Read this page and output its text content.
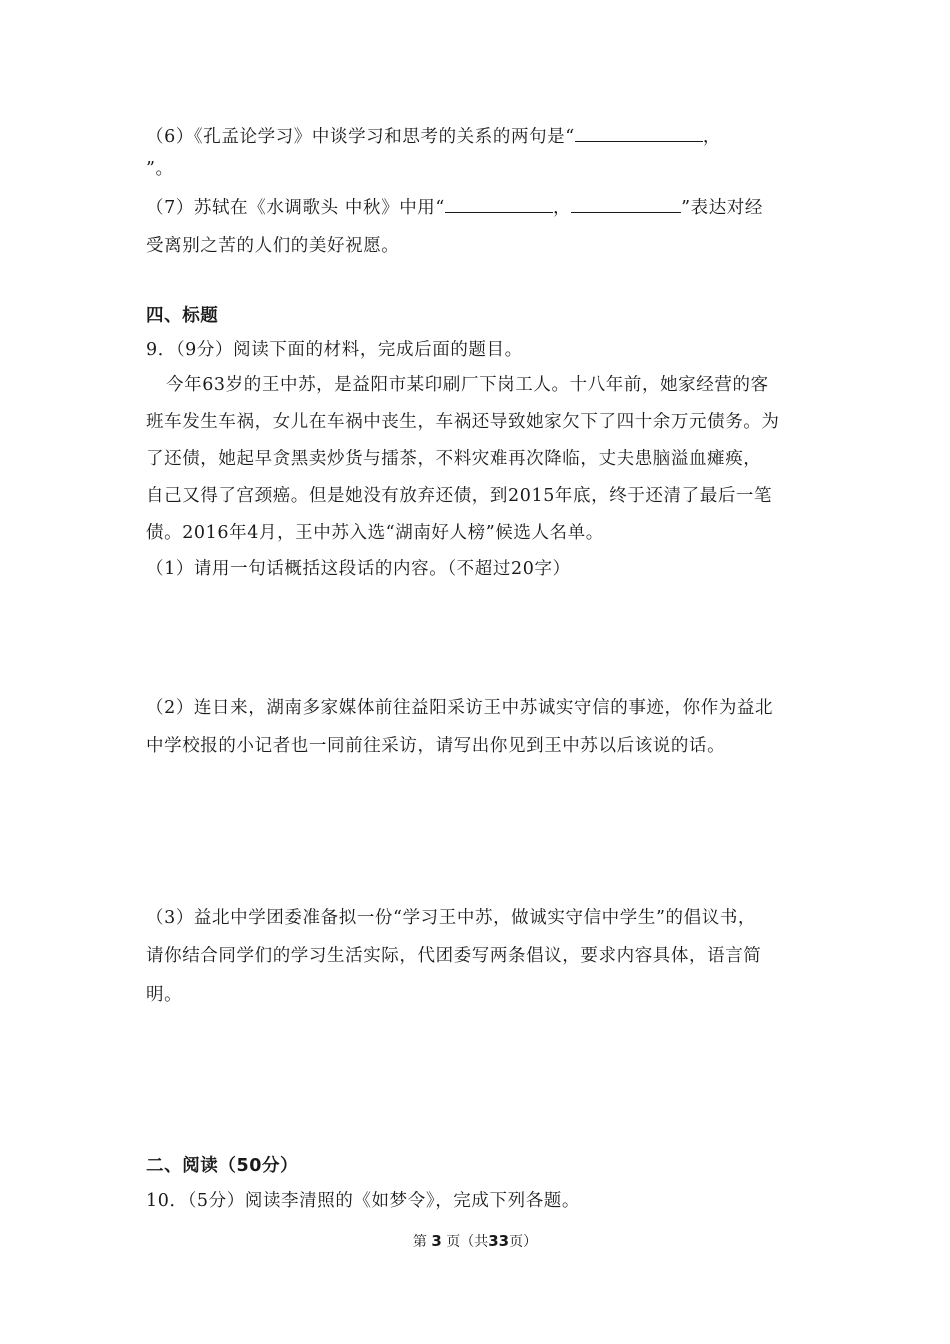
（6）《孔孟论学习》中谈学习和思考的关系的两句是“	，
”。
（7）苏轼在《水调歌头 中秋》中用“	，	”表达对经
受离别之苦的人们的美好祝愿。
四、标题
9．（9分）阅读下面的材料，完成后面的题目。
今年63岁的王中苏，是益阳市某印刷厂下岗工人。十八年前，她家经营的客
班车发生车祸，女儿在车祸中丧生，车祸还导致她家欠下了四十余万元债务。为
了还债，她起早贪黑卖炒货与擂茶，不料灾难再次降临，丈夫患脑溢血瘫痪，
自己又得了宫颈癌。但是她没有放弃还债，到2015年底，终于还清了最后一笔
债。2016年4月，王中苏入选“湖南好人榜”候选人名单。
（1）请用一句话概括这段话的内容。（不超过20字）
（2）连日来，湖南多家媒体前往益阳采访王中苏诚实守信的事迹，你作为益北
中学校报的小记者也一同前往采访，请写出你见到王中苏以后该说的话。
（3）益北中学团委准备拟一份“学习王中苏，做诚实守信中学生”的倡议书，
请你结合同学们的学习生活实际，代团委写两条倡议，要求内容具体，语言简
明。
二、阅读（50分）
10．（5分）阅读李清照的《如梦令》，完成下列各题。
第 3 页（共33页）
